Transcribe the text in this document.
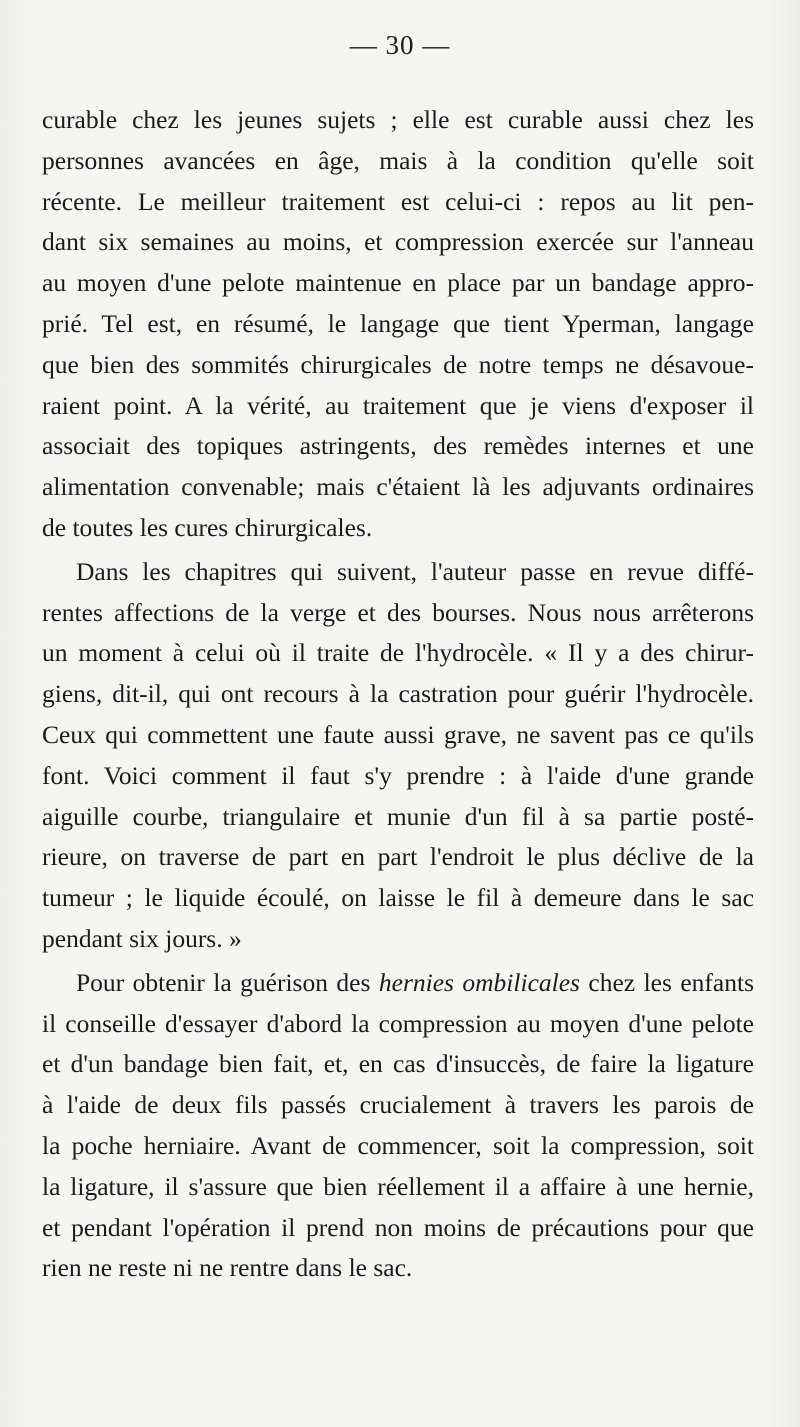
— 30 —

curable chez les jeunes sujets ; elle est curable aussi chez les
personnes avancées en âge, mais à la condition qu'elle soit
récente. Le meilleur traitement est celui-ci : repos au lit pen-
dant six semaines au moins, et compression exercée sur l'anneau
au moyen d'une pelote maintenue en place par un bandage appro-
prié. Tel est, en résumé, le langage que tient Yperman, langage
que bien des sommités chirurgicales de notre temps ne désavoue-
raient point. A la vérité, au traitement que je viens d'exposer il
associait des topiques astringents, des remèdes internes et une
alimentation convenable; mais c'étaient là les adjuvants ordinaires
de toutes les cures chirurgicales.

Dans les chapitres qui suivent, l'auteur passe en revue diffé-
rentes affections de la verge et des bourses. Nous nous arrêterons
un moment à celui où il traite de l'hydrocèle. « Il y a des chirur-
giens, dit-il, qui ont recours à la castration pour guérir l'hydrocèle.
Ceux qui commettent une faute aussi grave, ne savent pas ce qu'ils
font. Voici comment il faut s'y prendre : à l'aide d'une grande
aiguille courbe, triangulaire et munie d'un fil à sa partie posté-
rieure, on traverse de part en part l'endroit le plus déclive de la
tumeur ; le liquide écoulé, on laisse le fil à demeure dans le sac
pendant six jours. »

Pour obtenir la guérison des hernies ombilicales chez les enfants
il conseille d'essayer d'abord la compression au moyen d'une pelote
et d'un bandage bien fait, et, en cas d'insuccès, de faire la ligature
à l'aide de deux fils passés crucialement à travers les parois de
la poche herniaire. Avant de commencer, soit la compression, soit
la ligature, il s'assure que bien réellement il a affaire à une hernie,
et pendant l'opération il prend non moins de précautions pour que
rien ne reste ni ne rentre dans le sac.
